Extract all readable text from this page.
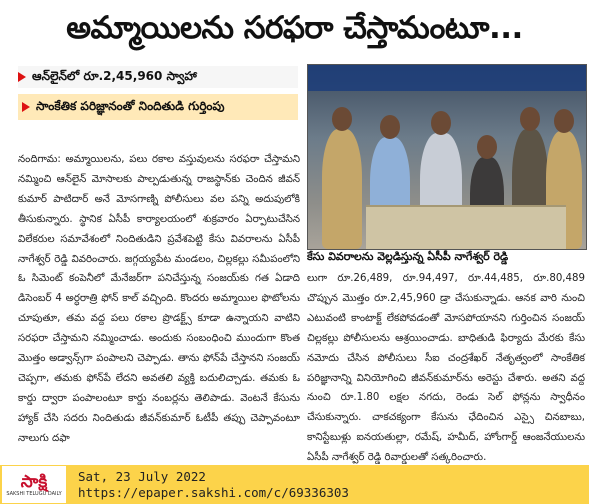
అమ్మాయిలను సరఫరా చేస్తామంటూ...
ఆన్‌లైన్‌లో రూ.2,45,960 స్వాహా
సాంకేతిక పరిజ్ఞానంతో నిందితుడి గుర్తింపు
కేసు వివరాలను వెల్లడిస్తున్న ఏసీపీ నాగేశ్వర్ రెడ్డి

నందిగామ: అమ్మాయిలను, పలు రకాల వస్తువులను సరఫరా చేస్తామని నమ్మించి ఆన్‌లైన్ మోసాలకు పాల్పడుతున్న రాజస్థాన్‌కు చెందిన జీవన్ కుమార్ పాటిదార్ అనే మోసగాణ్ని పోలీసులు వల పన్ని అదుపులోకి తీసుకున్నారు. స్థానిక ఏసీపీ కార్యాలయంలో శుక్రవారం ఏర్పాటుచేసిన విలేకరుల సమావేశంలో నిందితుడిని ప్రవేశపెట్టి కేసు వివరాలను ఏసీపీ నాగేశ్వర్ రెడ్డి వివరించారు. జగ్గయ్యపేట మండలం, చిల్లకల్లు సమీపంలోని ఓ సిమెంట్ కంపెనీలో మేనేజర్‌గా పనిచేస్తున్న సంజయ్‌కు గత ఏడాది డిసెంబర్ 4 అర్ధరాత్రి ఫోన్ కాల్ వచ్చింది. కొందరు అమ్మాయిల ఫొటోలను చూపుతూ, తమ వద్ద పలు రకాల ప్రొడక్ట్స్ కూడా ఉన్నాయని వాటిని సరఫరా చేస్తామని నమ్మించాడు. అందుకు సంబంధించి ముందుగా కొంత మొత్తం అడ్వాన్స్‌గా పంపాలని చెప్పాడు. తాను ఫోన్‌పే చేస్తానని సంజయ్ చెప్పగా, తమకు ఫోన్‌పే లేదని అవతలి వ్యక్తి బదులిచ్చాడు. తమకు ఓ కార్డు ద్వారా పంపాలంటూ కార్డు నంబర్లను తెలిపాడు. వెంటనే కేసును హ్యాక్ చేసి సదరు నిందితుడు జీవన్‌కుమార్ ఓటీపీ తప్పు చెప్పావంటూ నాలుగు దఫా

లుగా రూ.26,489, రూ.94,497, రూ.44,485, రూ.80,489 చొప్పున మొత్తం రూ.2,45,960 డ్రా చేసుకున్నాడు. ఆనక వారి నుంచి ఎటువంటి కాంటాక్ట్ లేకపోవడంతో మోసపోయానని గుర్తించిన సంజయ్ చిల్లకల్లు పోలీసులను ఆశ్రయించాడు. బాధితుడి ఫిర్యాదు మేరకు కేసు నమోదు చేసిన పోలీసులు సీఐ చంద్రశేఖర్ నేతృత్వంలో సాంకేతిక పరిజ్ఞానాన్ని వినియోగించి జీవన్‌కుమార్‌ను అరెస్టు చేశారు. అతని వద్ద నుంచి రూ.1.80 లక్షల నగదు, రెండు సెల్ ఫోన్లను స్వాధీనం చేసుకున్నారు. చాకచక్యంగా కేసును ఛేదించిన ఎస్సై చినబాబు, కానిస్టేబుళ్లు ఐనయతుల్లా, రమేష్, హమీద్, హోంగార్డ్ ఆంజనేయులను ఏసీపీ నాగేశ్వర్ రెడ్డి రివార్డులతో సత్కరించారు.

సాక్షి
SAKSHI TELUGU DAILY
Sat, 23 July 2022
https://epaper.sakshi.com/c/69336303
